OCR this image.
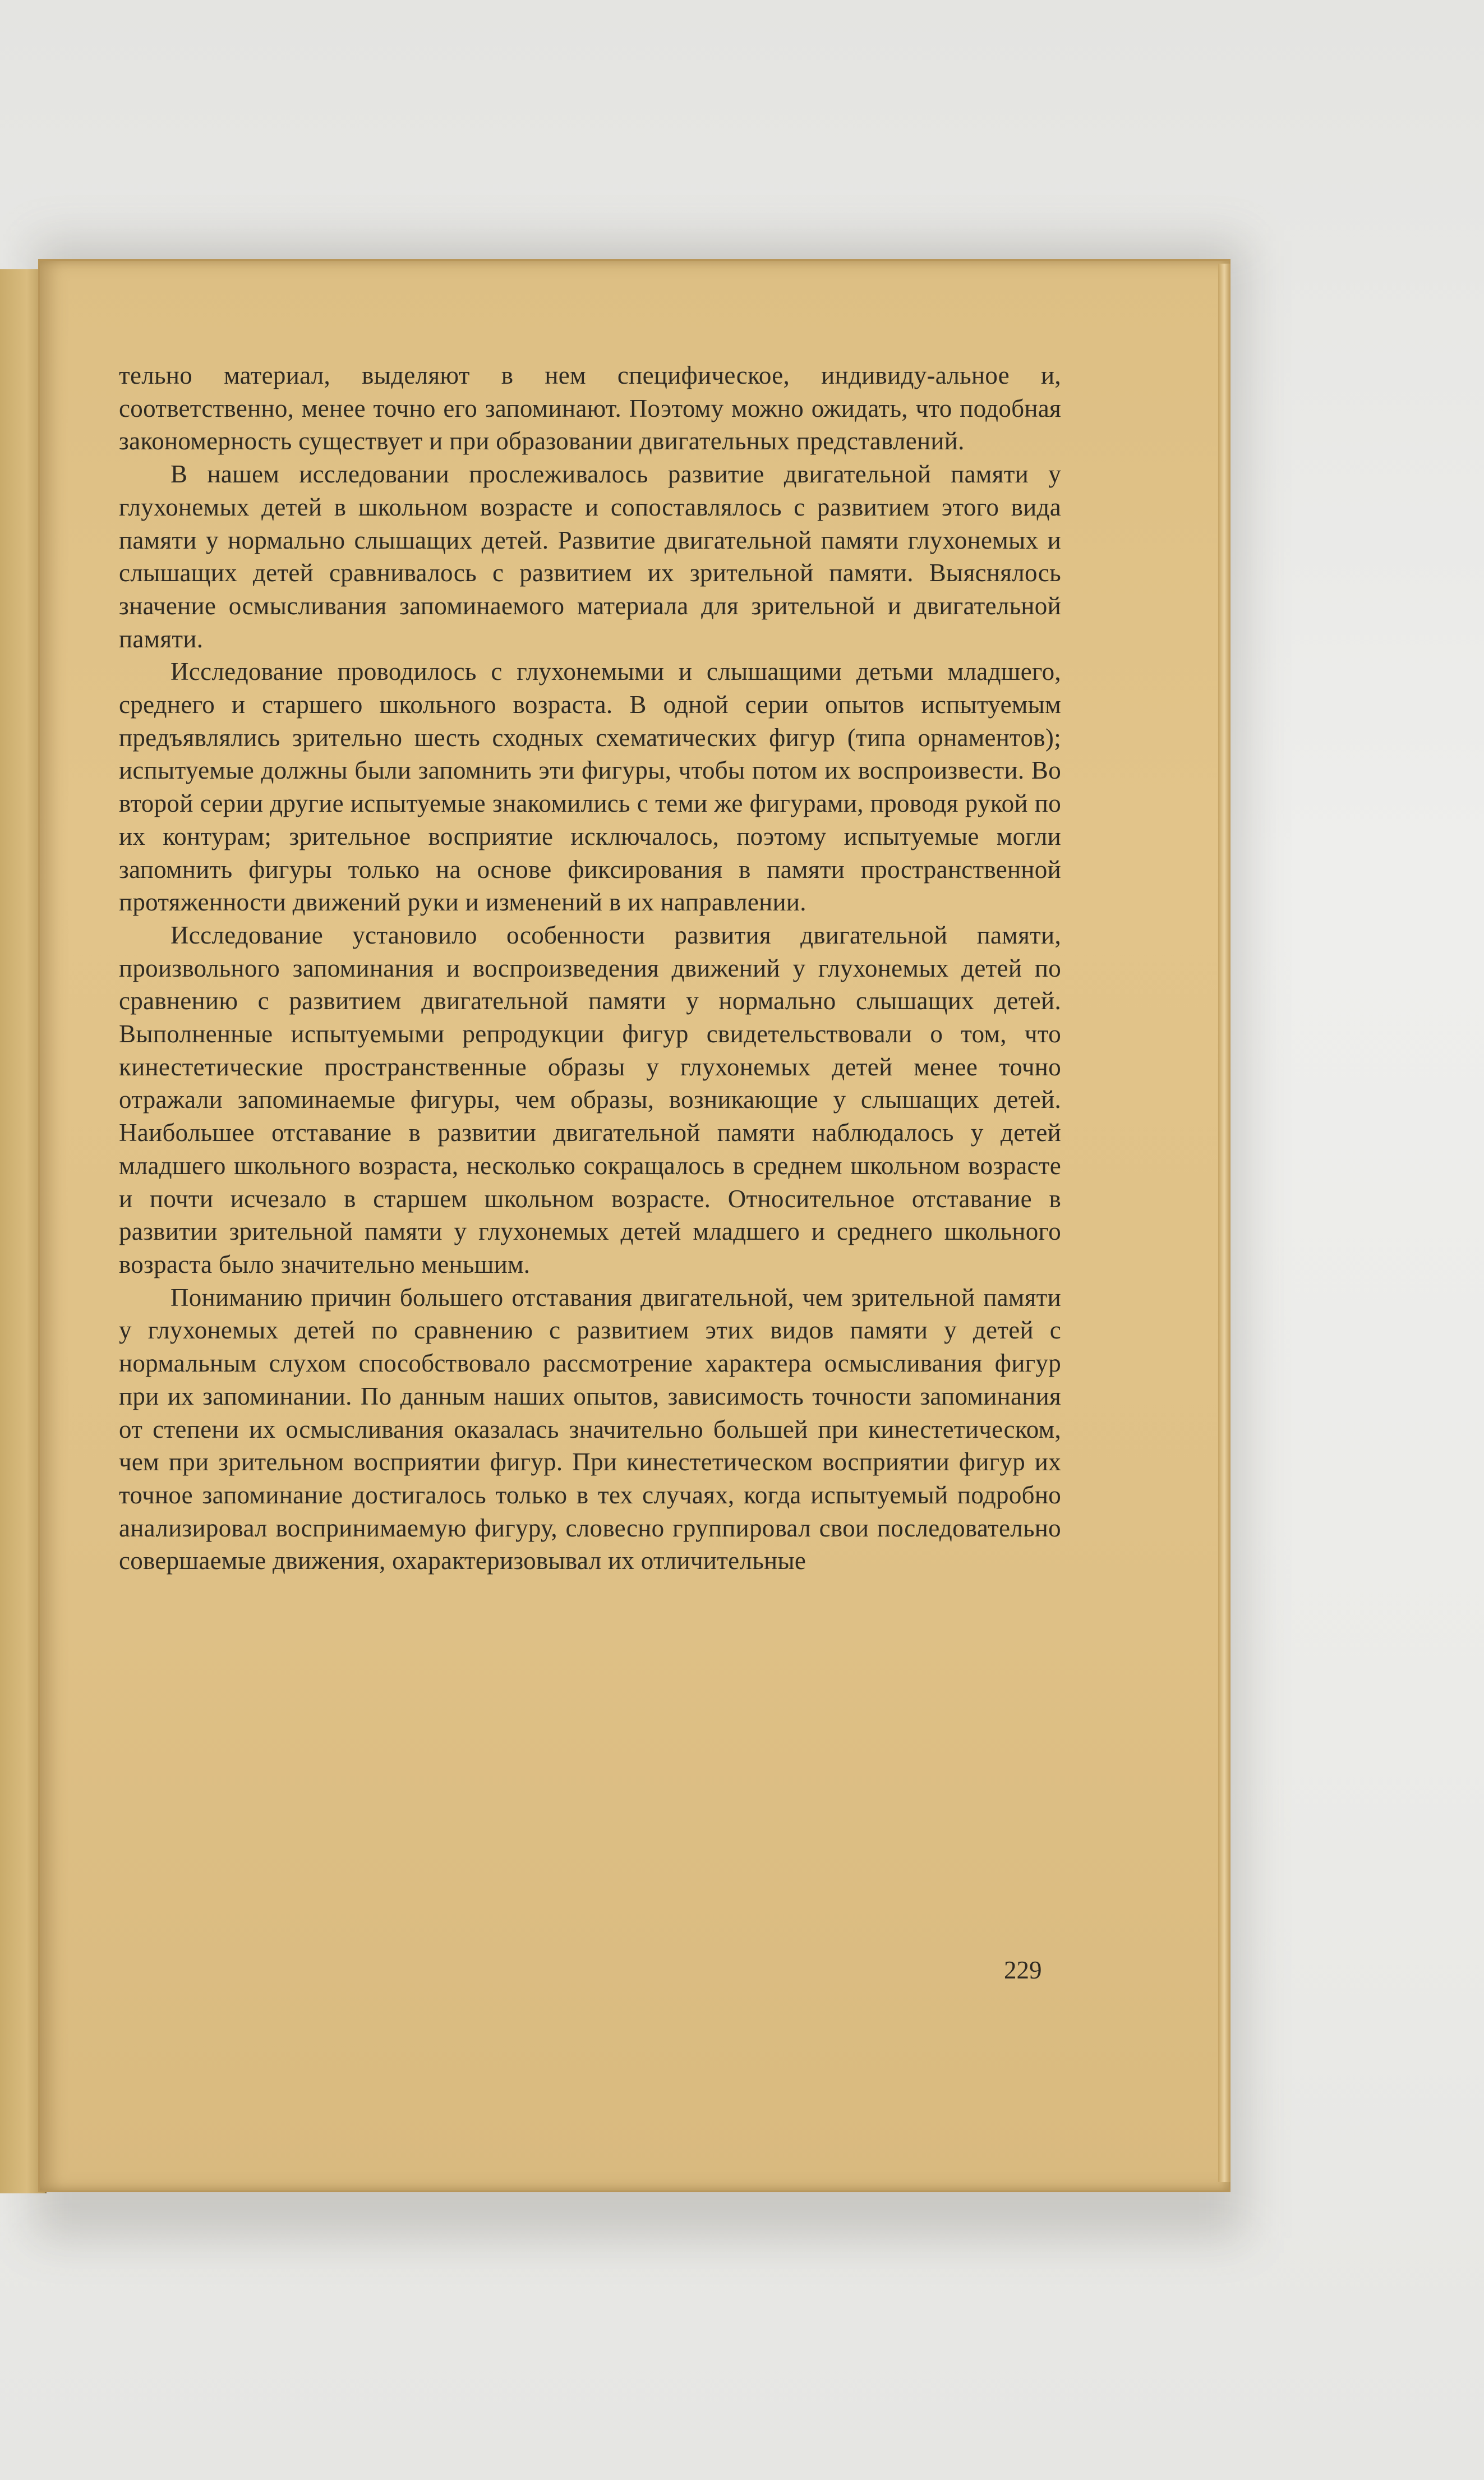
тельно материал, выделяют в нем специфическое, индивиду-альное и, соответственно, менее точно его запоминают. Поэтому можно ожидать, что подобная закономерность существует и при образовании двигательных представлений.

В нашем исследовании прослеживалось развитие двигательной памяти у глухонемых детей в школьном возрасте и сопоставлялось с развитием этого вида памяти у нормально слышащих детей. Развитие двигательной памяти глухонемых и слышащих детей сравнивалось с развитием их зрительной памяти. Выяснялось значение осмысливания запоминаемого материала для зрительной и двигательной памяти.

Исследование проводилось с глухонемыми и слышащими детьми младшего, среднего и старшего школьного возраста. В одной серии опытов испытуемым предъявлялись зрительно шесть сходных схематических фигур (типа орнаментов); испытуемые должны были запомнить эти фигуры, чтобы потом их воспроизвести. Во второй серии другие испытуемые знакомились с теми же фигурами, проводя рукой по их контурам; зрительное восприятие исключалось, поэтому испытуемые могли запомнить фигуры только на основе фиксирования в памяти пространственной протяженности движений руки и изменений в их направлении.

Исследование установило особенности развития двигательной памяти, произвольного запоминания и воспроизведения движений у глухонемых детей по сравнению с развитием двигательной памяти у нормально слышащих детей. Выполненные испытуемыми репродукции фигур свидетельствовали о том, что кинестетические пространственные образы у глухонемых детей менее точно отражали запоминаемые фигуры, чем образы, возникающие у слышащих детей. Наибольшее отставание в развитии двигательной памяти наблюдалось у детей младшего школьного возраста, несколько сокращалось в среднем школьном возрасте и почти исчезало в старшем школьном возрасте. Относительное отставание в развитии зрительной памяти у глухонемых детей младшего и среднего школьного возраста было значительно меньшим.

Пониманию причин большего отставания двигательной, чем зрительной памяти у глухонемых детей по сравнению с развитием этих видов памяти у детей с нормальным слухом способствовало рассмотрение характера осмысливания фигур при их запоминании. По данным наших опытов, зависимость точности запоминания от степени их осмысливания оказалась значительно большей при кинестетическом, чем при зрительном восприятии фигур. При кинестетическом восприятии фигур их точное запоминание достигалось только в тех случаях, когда испытуемый подробно анализировал воспринимаемую фигуру, словесно группировал свои последовательно совершаемые движения, охарактеризовывал их отличительные

229
